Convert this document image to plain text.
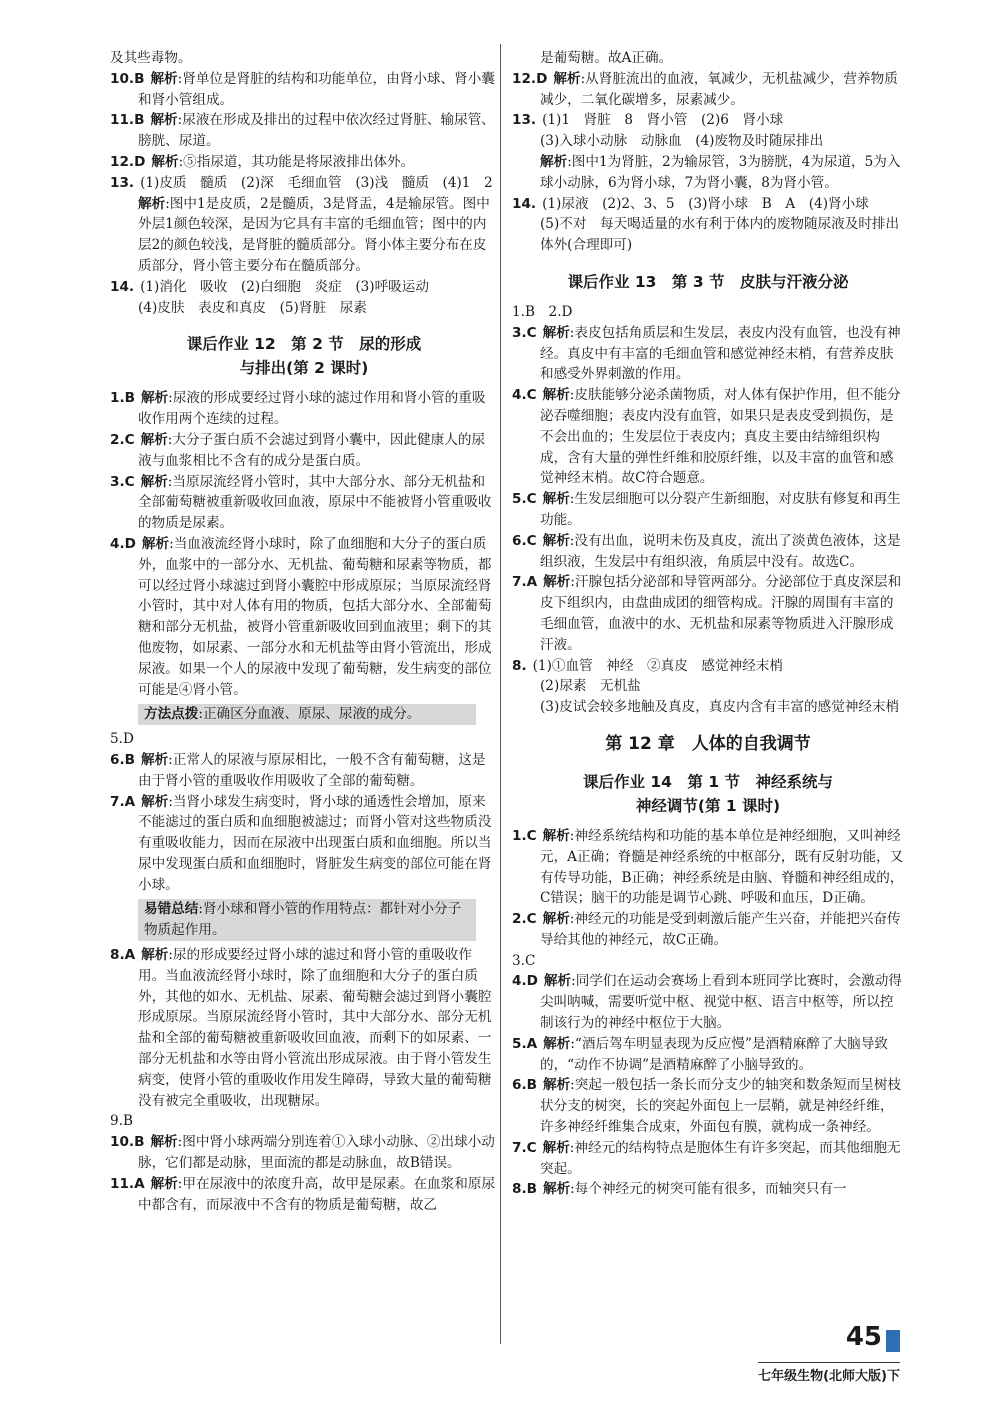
及其些毒物。

10.B 解析:肾单位是肾脏的结构和功能单位，由肾小球、肾小囊和肾小管组成。

11.B 解析:尿液在形成及排出的过程中依次经过肾脏、输尿管、膀胱、尿道。

12.D 解析:⑤指尿道，其功能是将尿液排出体外。

13. (1)皮质　髓质　(2)深　毛细血管　(3)浅　髓质　(4)1　2

解析:图中1是皮质，2是髓质，3是肾盂，4是输尿管。图中外层1颜色较深，是因为它具有丰富的毛细血管；图中的内层2的颜色较浅，是肾脏的髓质部分。肾小体主要分布在皮质部分，肾小管主要分布在髓质部分。

14. (1)消化　吸收　(2)白细胞　炎症　(3)呼吸运动

(4)皮肤　表皮和真皮　(5)肾脏　尿素

课后作业 12　第 2 节　尿的形成
与排出(第 2 课时)

1.B 解析:尿液的形成要经过肾小球的滤过作用和肾小管的重吸收作用两个连续的过程。

2.C 解析:大分子蛋白质不会滤过到肾小囊中，因此健康人的尿液与血浆相比不含有的成分是蛋白质。

3.C 解析:当原尿流经肾小管时，其中大部分水、部分无机盐和全部葡萄糖被重新吸收回血液，原尿中不能被肾小管重吸收的物质是尿素。

4.D 解析:当血液流经肾小球时，除了血细胞和大分子的蛋白质外，血浆中的一部分水、无机盐、葡萄糖和尿素等物质，都可以经过肾小球滤过到肾小囊腔中形成原尿；当原尿流经肾小管时，其中对人体有用的物质，包括大部分水、全部葡萄糖和部分无机盐，被肾小管重新吸收回到血液里；剩下的其他废物，如尿素、一部分水和无机盐等由肾小管流出，形成尿液。如果一个人的尿液中发现了葡萄糖，发生病变的部位可能是④肾小管。

方法点拨:正确区分血液、原尿、尿液的成分。

5.D

6.B 解析:正常人的尿液与原尿相比，一般不含有葡萄糖，这是由于肾小管的重吸收作用吸收了全部的葡萄糖。

7.A 解析:当肾小球发生病变时，肾小球的通透性会增加，原来不能滤过的蛋白质和血细胞被滤过；而肾小管对这些物质没有重吸收能力，因而在尿液中出现蛋白质和血细胞。所以当尿中发现蛋白质和血细胞时，肾脏发生病变的部位可能在肾小球。

易错总结:肾小球和肾小管的作用特点：都针对小分子物质起作用。

8.A 解析:尿的形成要经过肾小球的滤过和肾小管的重吸收作用。当血液流经肾小球时，除了血细胞和大分子的蛋白质外，其他的如水、无机盐、尿素、葡萄糖会滤过到肾小囊腔形成原尿。当原尿流经肾小管时，其中大部分水、部分无机盐和全部的葡萄糖被重新吸收回血液，而剩下的如尿素、一部分无机盐和水等由肾小管流出形成尿液。由于肾小管发生病变，使肾小管的重吸收作用发生障碍，导致大量的葡萄糖没有被完全重吸收，出现糖尿。

9.B

10.B 解析:图中肾小球两端分别连着①入球小动脉、②出球小动脉，它们都是动脉，里面流的都是动脉血，故B错误。

11.A 解析:甲在尿液中的浓度升高，故甲是尿素。在血浆和原尿中都含有，而尿液中不含有的物质是葡萄糖，故乙

是葡萄糖。故A正确。

12.D 解析:从肾脏流出的血液，氧减少，无机盐减少，营养物质减少，二氧化碳增多，尿素减少。

13. (1)1　肾脏　8　肾小管　(2)6　肾小球

(3)入球小动脉　动脉血　(4)废物及时随尿排出

解析:图中1为肾脏，2为输尿管，3为膀胱，4为尿道，5为入球小动脉，6为肾小球，7为肾小囊，8为肾小管。

14. (1)尿液　(2)2、3、5　(3)肾小球　B　A　(4)肾小球

(5)不对　每天喝适量的水有利于体内的废物随尿液及时排出体外(合理即可)

课后作业 13　第 3 节　皮肤与汗液分泌

1.B　2.D

3.C 解析:表皮包括角质层和生发层，表皮内没有血管，也没有神经。真皮中有丰富的毛细血管和感觉神经末梢，有营养皮肤和感受外界刺激的作用。

4.C 解析:皮肤能够分泌杀菌物质，对人体有保护作用，但不能分泌吞噬细胞；表皮内没有血管，如果只是表皮受到损伤，是不会出血的；生发层位于表皮内；真皮主要由结缔组织构成，含有大量的弹性纤维和胶原纤维，以及丰富的血管和感觉神经末梢。故C符合题意。

5.C 解析:生发层细胞可以分裂产生新细胞，对皮肤有修复和再生功能。

6.C 解析:没有出血，说明未伤及真皮，流出了淡黄色液体，这是组织液，生发层中有组织液，角质层中没有。故选C。

7.A 解析:汗腺包括分泌部和导管两部分。分泌部位于真皮深层和皮下组织内，由盘曲成团的细管构成。汗腺的周围有丰富的毛细血管，血液中的水、无机盐和尿素等物质进入汗腺形成汗液。

8. (1)①血管　神经　②真皮　感觉神经末梢

(2)尿素　无机盐

(3)皮试会较多地触及真皮，真皮内含有丰富的感觉神经末梢

第 12 章　人体的自我调节
课后作业 14　第 1 节　神经系统与
神经调节(第 1 课时)

1.C 解析:神经系统结构和功能的基本单位是神经细胞，又叫神经元，A正确；脊髓是神经系统的中枢部分，既有反射功能，又有传导功能，B正确；神经系统是由脑、脊髓和神经组成的，C错误；脑干的功能是调节心跳、呼吸和血压，D正确。

2.C 解析:神经元的功能是受到刺激后能产生兴奋，并能把兴奋传导给其他的神经元，故C正确。

3.C

4.D 解析:同学们在运动会赛场上看到本班同学比赛时，会激动得尖叫呐喊，需要听觉中枢、视觉中枢、语言中枢等，所以控制该行为的神经中枢位于大脑。

5.A 解析:“酒后驾车明显表现为反应慢”是酒精麻醉了大脑导致的，“动作不协调”是酒精麻醉了小脑导致的。

6.B 解析:突起一般包括一条长而分支少的轴突和数条短而呈树枝状分支的树突，长的突起外面包上一层鞘，就是神经纤维，许多神经纤维集合成束，外面包有膜，就构成一条神经。

7.C 解析:神经元的结构特点是胞体生有许多突起，而其他细胞无突起。

8.B 解析:每个神经元的树突可能有很多，而轴突只有一

45
七年级生物(北师大版)下
